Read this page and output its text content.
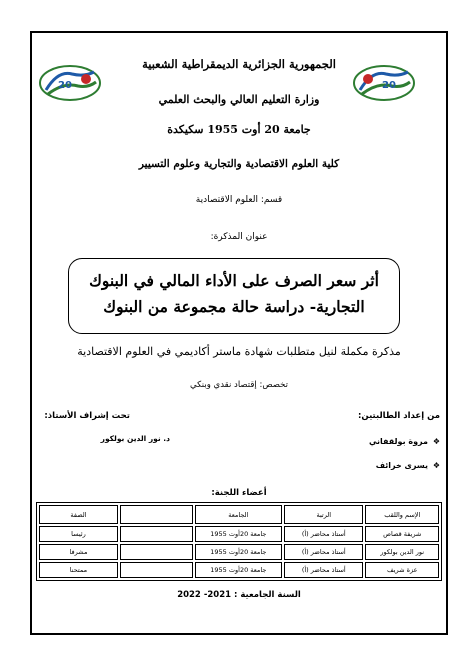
20	20
الجمهورية الجزائرية الديمقراطية الشعبية
وزارة التعليم العالي والبحث العلمي
جامعة 20 أوت 1955 سكيكدة
كلية العلوم الاقتصادية والتجارية وعلوم التسيير
قسم: العلوم الاقتصادية
عنوان المذكرة:
أثر سعر الصرف على الأداء المالي في البنوك
التجارية- دراسة حالة مجموعة من البنوك
مذكرة مكملة لنيل متطلبات شهادة ماستر أكاديمي في العلوم الاقتصادية
تخصص: إقتصاد نقدي وبنكي
من إعداد الطالبتين:
تحت إشراف الأستاذ:
❖
مروة بولقفاني
❖
يسرى خرائف
د. نور الدين بولكور
أعضاء اللجنة:
الإسم واللقب	الرتبة	الجامعة		الصفة
شريفة قصاص	أستاذ محاضر (أ)	جامعة 20أوت 1955		رئيسا
نور الدين بولكور	أستاذ محاضر (أ)	جامعة 20أوت 1955		مشرفا
عزة شريف	أستاذ محاضر (أ)	جامعة 20أوت 1955		ممتحنا
السنة الجامعية : 2021- 2022
